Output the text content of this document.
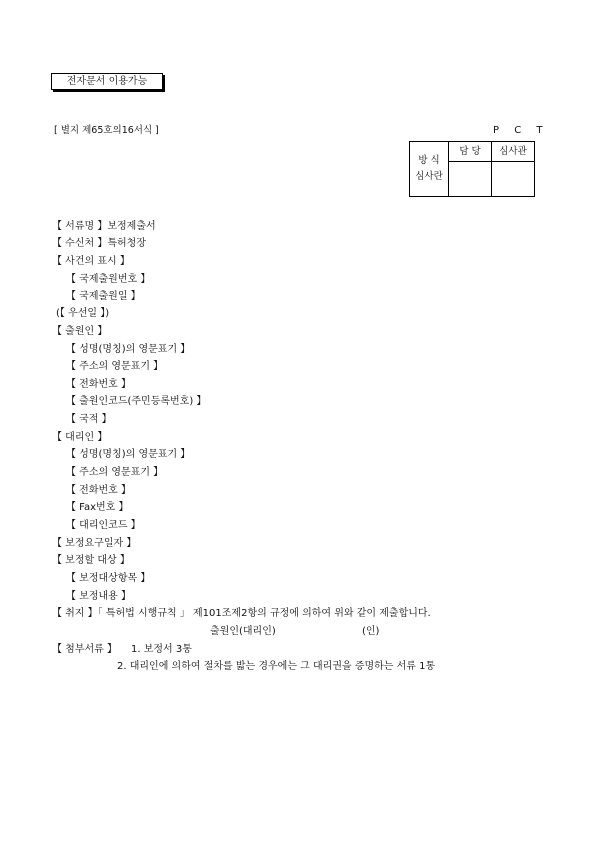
전자문서 이용가능
[ 별지 제65호의16서식 ]	P C T
방 식
심사란	담 당	심사관

【 서류명 】보정제출서
【 수신처 】특허청장
【 사건의 표시 】
【 국제출원번호 】
【 국제출원일 】
(【 우선일 】)
【 출원인 】
【 성명(명칭)의 영문표기 】
【 주소의 영문표기 】
【 전화번호 】
【 출원인코드(주민등록번호) 】
【 국적 】
【 대리인 】
【 성명(명칭)의 영문표기 】
【 주소의 영문표기 】
【 전화번호 】
【 Fax번호 】
【 대리인코드 】
【 보정요구일자 】
【 보정할 대상 】
【 보정대상항목 】
【 보정내용 】
【 취지 】「 특허법 시행규칙 」 제101조제2항의 규정에 의하여 위와 같이 제출합니다.
출원인(대리인)	(인)
【 첨부서류 】 1. 보정서 3통
2. 대리인에 의하여 절차를 밟는 경우에는 그 대리권을 증명하는 서류 1통
